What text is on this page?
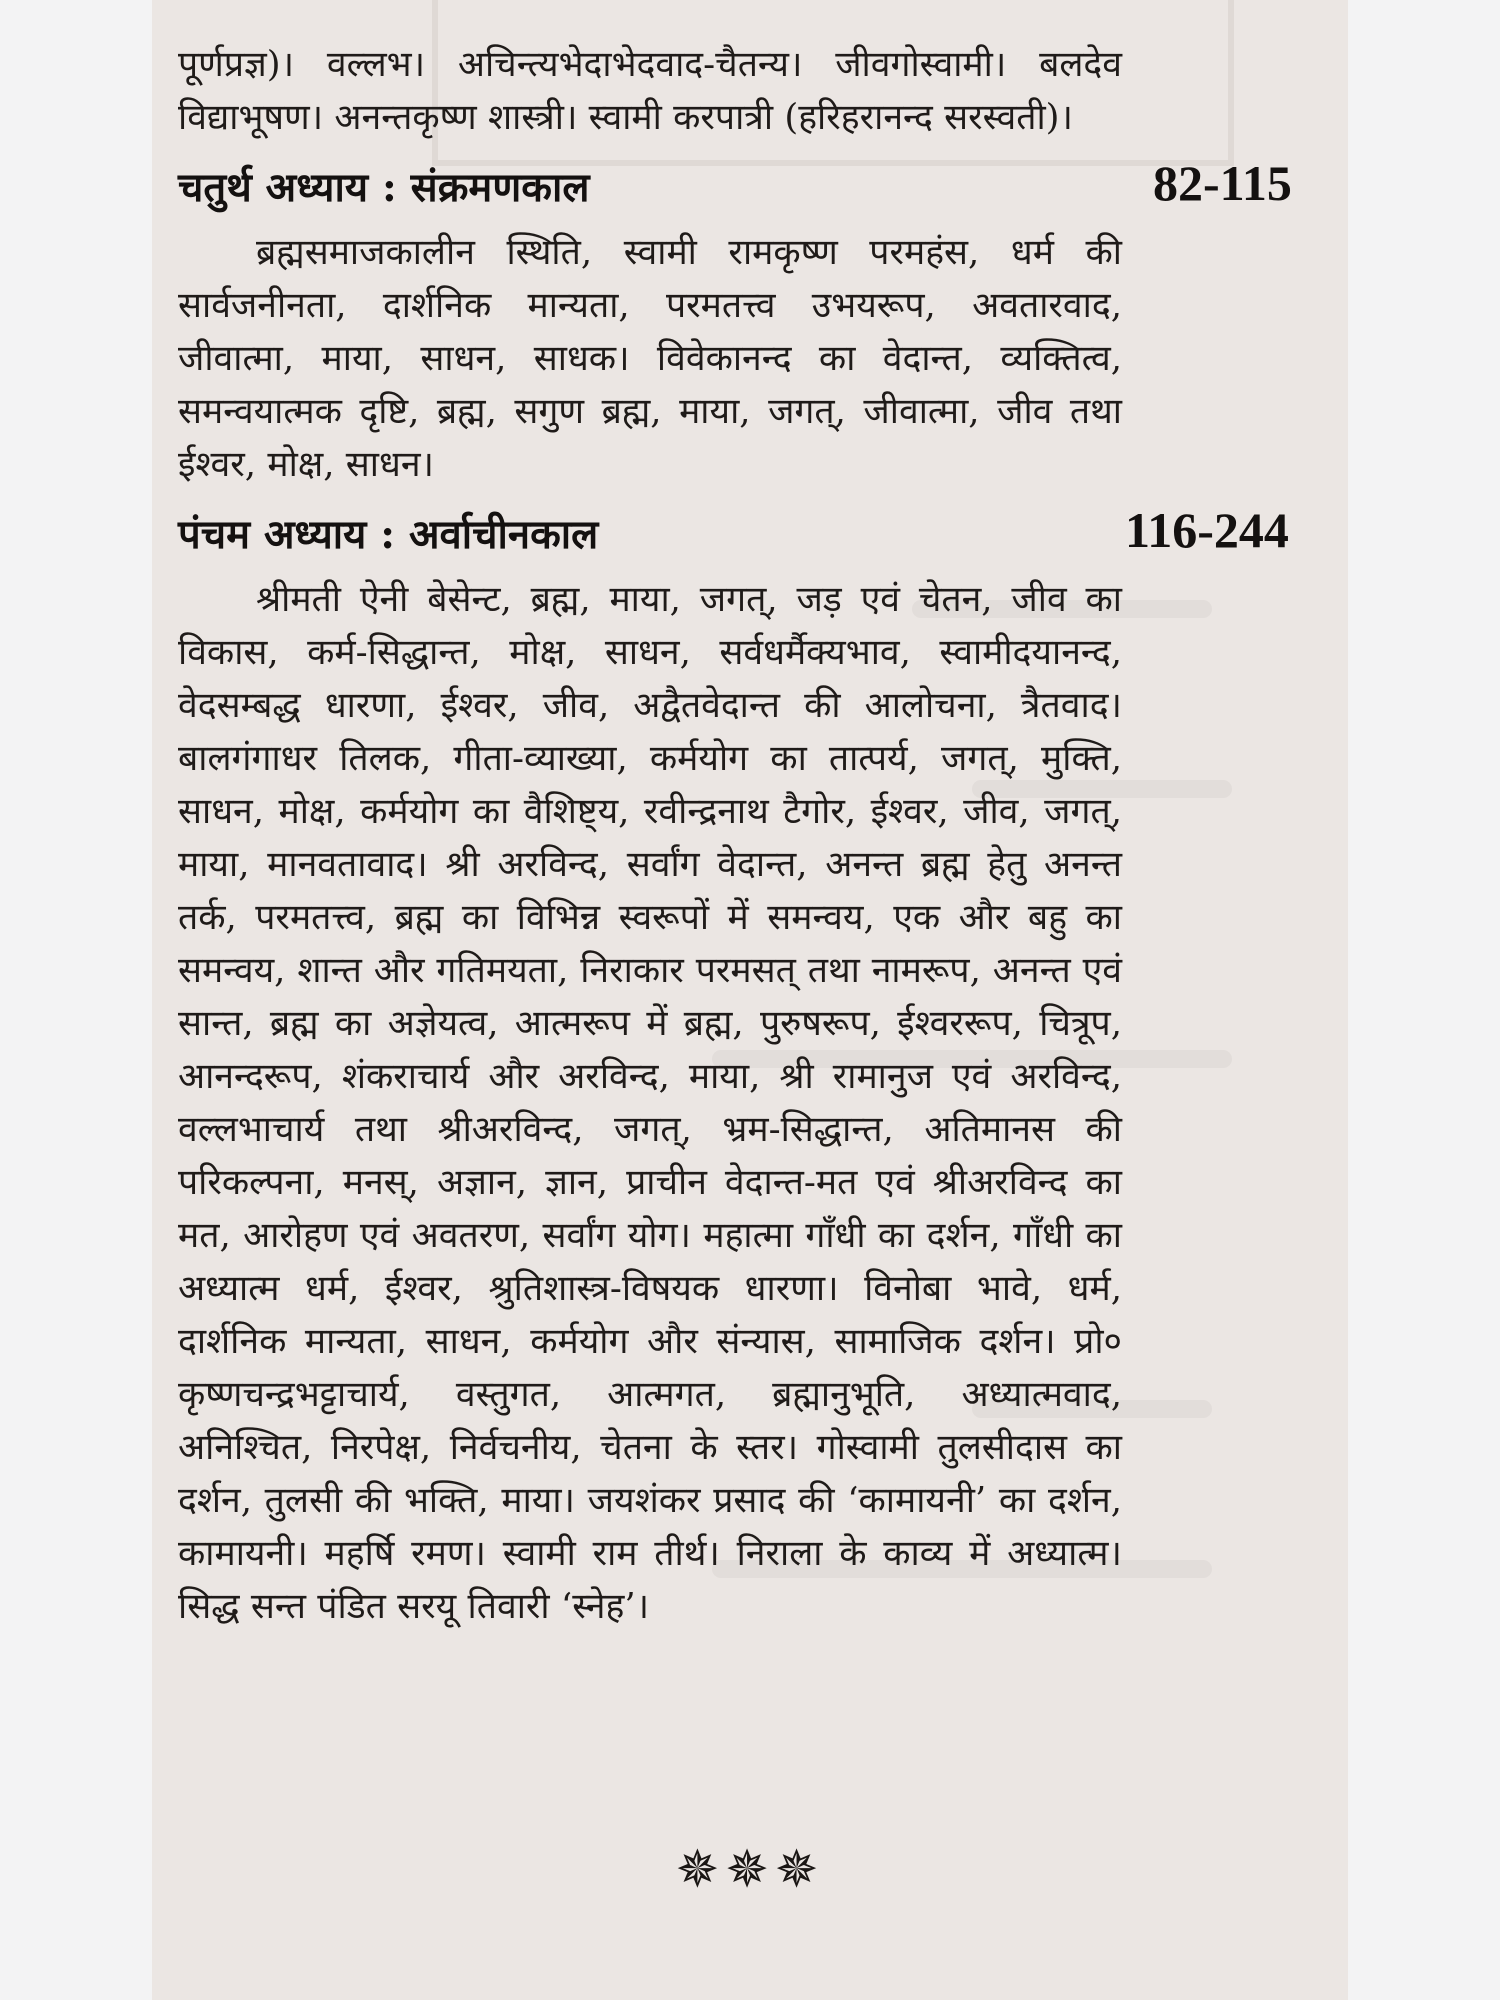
पूर्णप्रज्ञ)। वल्लभ। अचिन्त्यभेदाभेदवाद-चैतन्य। जीवगोस्वामी। बलदेव विद्याभूषण। अनन्तकृष्ण शास्त्री। स्वामी करपात्री (हरिहरानन्द सरस्वती)।

चतुर्थ अध्याय : संक्रमणकाल	82-115

ब्रह्मसमाजकालीन स्थिति, स्वामी रामकृष्ण परमहंस, धर्म की सार्वजनीनता, दार्शनिक मान्यता, परमतत्त्व उभयरूप, अवतारवाद, जीवात्मा, माया, साधन, साधक। विवेकानन्द का वेदान्त, व्यक्तित्व, समन्वयात्मक दृष्टि, ब्रह्म, सगुण ब्रह्म, माया, जगत्, जीवात्मा, जीव तथा ईश्वर, मोक्ष, साधन।

पंचम अध्याय : अर्वाचीनकाल	116-244

श्रीमती ऐनी बेसेन्ट, ब्रह्म, माया, जगत्, जड़ एवं चेतन, जीव का विकास, कर्म-सिद्धान्त, मोक्ष, साधन, सर्वधर्मैक्यभाव, स्वामीदयानन्द, वेदसम्बद्ध धारणा, ईश्वर, जीव, अद्वैतवेदान्त की आलोचना, त्रैतवाद। बालगंगाधर तिलक, गीता-व्याख्या, कर्मयोग का तात्पर्य, जगत्, मुक्ति, साधन, मोक्ष, कर्मयोग का वैशिष्ट्य, रवीन्द्रनाथ टैगोर, ईश्वर, जीव, जगत्, माया, मानवतावाद। श्री अरविन्द, सर्वांग वेदान्त, अनन्त ब्रह्म हेतु अनन्त तर्क, परमतत्त्व, ब्रह्म का विभिन्न स्वरूपों में समन्वय, एक और बहु का समन्वय, शान्त और गतिमयता, निराकार परमसत् तथा नामरूप, अनन्त एवं सान्त, ब्रह्म का अज्ञेयत्व, आत्मरूप में ब्रह्म, पुरुषरूप, ईश्वररूप, चित्रूप, आनन्दरूप, शंकराचार्य और अरविन्द, माया, श्री रामानुज एवं अरविन्द, वल्लभाचार्य तथा श्रीअरविन्द, जगत्, भ्रम-सिद्धान्त, अतिमानस की परिकल्पना, मनस्, अज्ञान, ज्ञान, प्राचीन वेदान्त-मत एवं श्रीअरविन्द का मत, आरोहण एवं अवतरण, सर्वांग योग। महात्मा गाँधी का दर्शन, गाँधी का अध्यात्म धर्म, ईश्वर, श्रुतिशास्त्र-विषयक धारणा। विनोबा भावे, धर्म, दार्शनिक मान्यता, साधन, कर्मयोग और संन्यास, सामाजिक दर्शन। प्रो० कृष्णचन्द्रभट्टाचार्य, वस्तुगत, आत्मगत, ब्रह्मानुभूति, अध्यात्मवाद, अनिश्चित, निरपेक्ष, निर्वचनीय, चेतना के स्तर। गोस्वामी तुलसीदास का दर्शन, तुलसी की भक्ति, माया। जयशंकर प्रसाद की ‘कामायनी’ का दर्शन, कामायनी। महर्षि रमण। स्वामी राम तीर्थ। निराला के काव्य में अध्यात्म। सिद्ध सन्त पंडित सरयू तिवारी ‘स्नेह’।

✵✵✵
